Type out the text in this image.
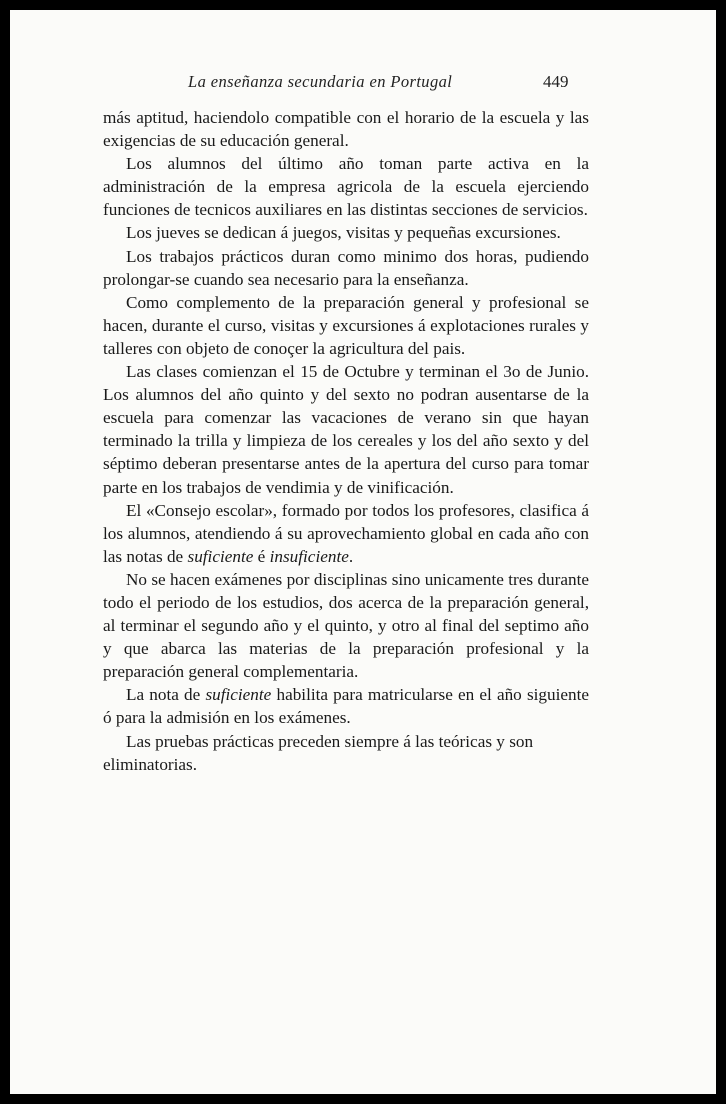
La enseñanza secundaria en Portugal	449

más aptitud, haciendolo compatible con el horario de la escuela y las exigencias de su educación general.

Los alumnos del último año toman parte activa en la administración de la empresa agricola de la escuela ejerciendo funciones de tecnicos auxiliares en las distintas secciones de servicios.

Los jueves se dedican á juegos, visitas y pequeñas excursiones.

Los trabajos prácticos duran como minimo dos horas, pudiendo prolongar-se cuando sea necesario para la enseñanza.

Como complemento de la preparación general y profesional se hacen, durante el curso, visitas y excursiones á explotaciones rurales y talleres con objeto de conoçer la agricultura del pais.

Las clases comienzan el 15 de Octubre y terminan el 3o de Junio. Los alumnos del año quinto y del sexto no podran ausentarse de la escuela para comenzar las vacaciones de verano sin que hayan terminado la trilla y limpieza de los cereales y los del año sexto y del séptimo deberan presentarse antes de la apertura del curso para tomar parte en los trabajos de vendimia y de vinificación.

El «Consejo escolar», formado por todos los profesores, clasifica á los alumnos, atendiendo á su aprovechamiento global en cada año con las notas de suficiente é insuficiente.

No se hacen exámenes por disciplinas sino unicamente tres durante todo el periodo de los estudios, dos acerca de la preparación general, al terminar el segundo año y el quinto, y otro al final del septimo año y que abarca las materias de la preparación profesional y la preparación general complementaria.

La nota de suficiente habilita para matricularse en el año siguiente ó para la admisión en los exámenes.

Las pruebas prácticas preceden siempre á las teóricas y son eliminatorias.
